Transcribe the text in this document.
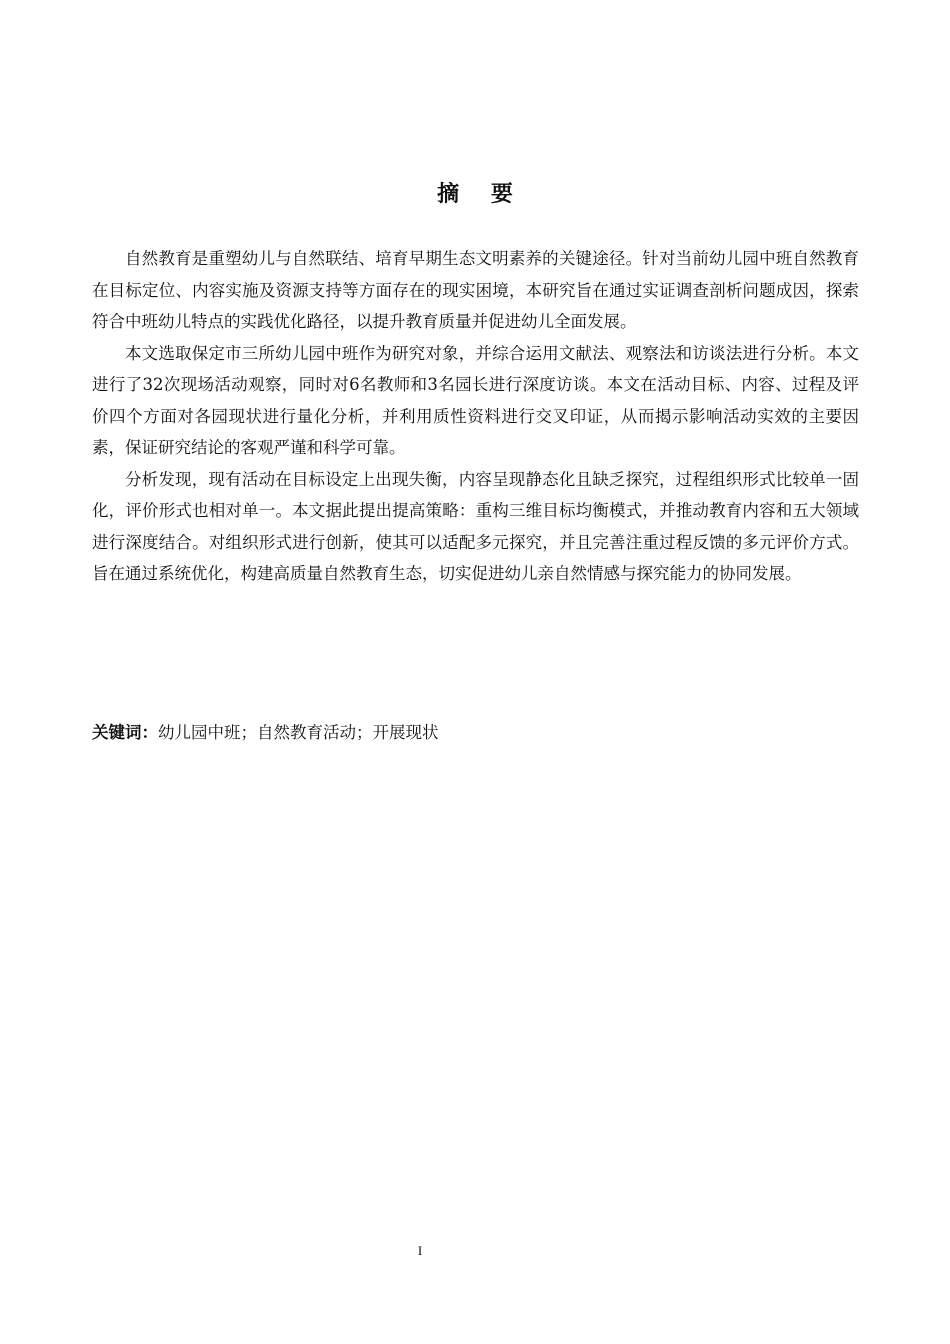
摘 要

自然教育是重塑幼儿与自然联结、培育早期生态文明素养的关键途径。针对当前幼儿园中班自然教育在目标定位、内容实施及资源支持等方面存在的现实困境，本研究旨在通过实证调查剖析问题成因，探索符合中班幼儿特点的实践优化路径，以提升教育质量并促进幼儿全面发展。

本文选取保定市三所幼儿园中班作为研究对象，并综合运用文献法、观察法和访谈法进行分析。本文进行了32次现场活动观察，同时对6名教师和3名园长进行深度访谈。本文在活动目标、内容、过程及评价四个方面对各园现状进行量化分析，并利用质性资料进行交叉印证，从而揭示影响活动实效的主要因素，保证研究结论的客观严谨和科学可靠。

分析发现，现有活动在目标设定上出现失衡，内容呈现静态化且缺乏探究，过程组织形式比较单一固化，评价形式也相对单一。本文据此提出提高策略：重构三维目标均衡模式，并推动教育内容和五大领域进行深度结合。对组织形式进行创新，使其可以适配多元探究，并且完善注重过程反馈的多元评价方式。旨在通过系统优化，构建高质量自然教育生态，切实促进幼儿亲自然情感与探究能力的协同发展。

关键词：幼儿园中班；自然教育活动；开展现状
I
